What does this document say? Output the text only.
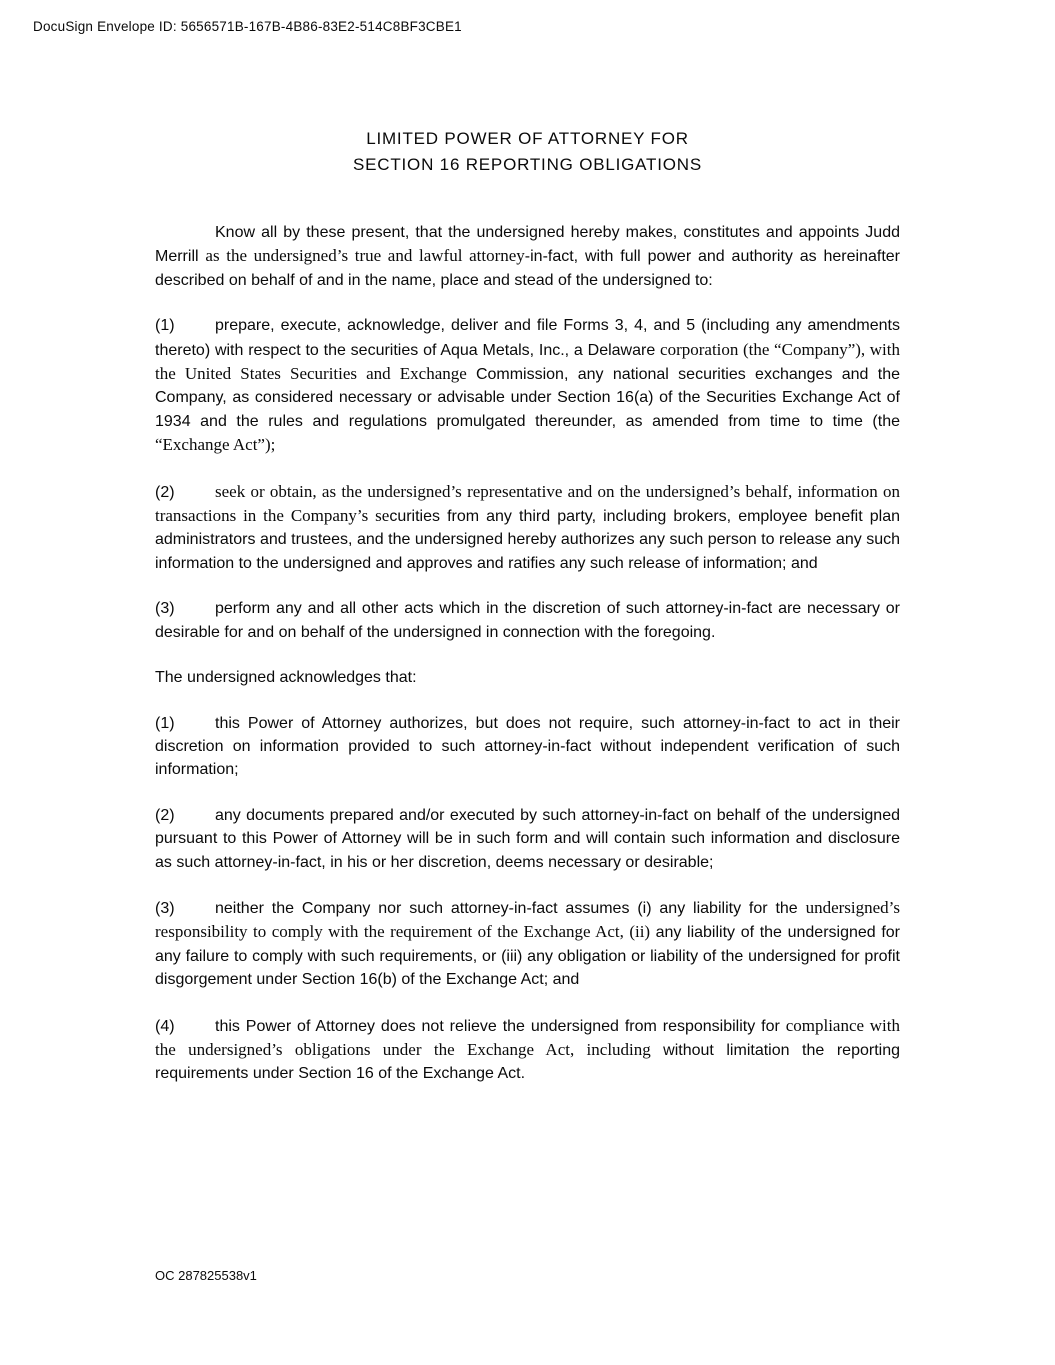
DocuSign Envelope ID: 5656571B-167B-4B86-83E2-514C8BF3CBE1
LIMITED POWER OF ATTORNEY FOR
SECTION 16 REPORTING OBLIGATIONS

Know all by these present, that the undersigned hereby makes, constitutes and appoints Judd Merrill as the undersigned’s true and lawful attorney-in-fact, with full power and authority as hereinafter described on behalf of and in the name, place and stead of the undersigned to:

(1)	prepare, execute, acknowledge, deliver and file Forms 3, 4, and 5 (including any amendments thereto) with respect to the securities of Aqua Metals, Inc., a Delaware corporation (the “Company”), with the United States Securities and Exchange Commission, any national securities exchanges and the Company, as considered necessary or advisable under Section 16(a) of the Securities Exchange Act of 1934 and the rules and regulations promulgated thereunder, as amended from time to time (the “Exchange Act”);

(2) seek or obtain, as the undersigned’s representative and on the undersigned’s behalf, information on transactions in the Company’s securities from any third party, including brokers, employee benefit plan administrators and trustees, and the undersigned hereby authorizes any such person to release any such information to the undersigned and approves and ratifies any such release of information; and

(3)	perform any and all other acts which in the discretion of such attorney-in-fact are necessary or desirable for and on behalf of the undersigned in connection with the foregoing.

The undersigned acknowledges that:

(1)	this Power of Attorney authorizes, but does not require, such attorney-in-fact to act in their discretion on information provided to such attorney-in-fact without independent verification of such information;

(2)	any documents prepared and/or executed by such attorney-in-fact on behalf of the undersigned pursuant to this Power of Attorney will be in such form and will contain such information and disclosure as such attorney-in-fact, in his or her discretion, deems necessary or desirable;

(3)	neither the Company nor such attorney-in-fact assumes (i) any liability for the undersigned’s responsibility to comply with the requirement of the Exchange Act, (ii) any liability of the undersigned for any failure to comply with such requirements, or (iii) any obligation or liability of the undersigned for profit disgorgement under Section 16(b) of the Exchange Act; and

(4)	this Power of Attorney does not relieve the undersigned from responsibility for compliance with the undersigned’s obligations under the Exchange Act, including without limitation the reporting requirements under Section 16 of the Exchange Act.

OC 287825538v1
